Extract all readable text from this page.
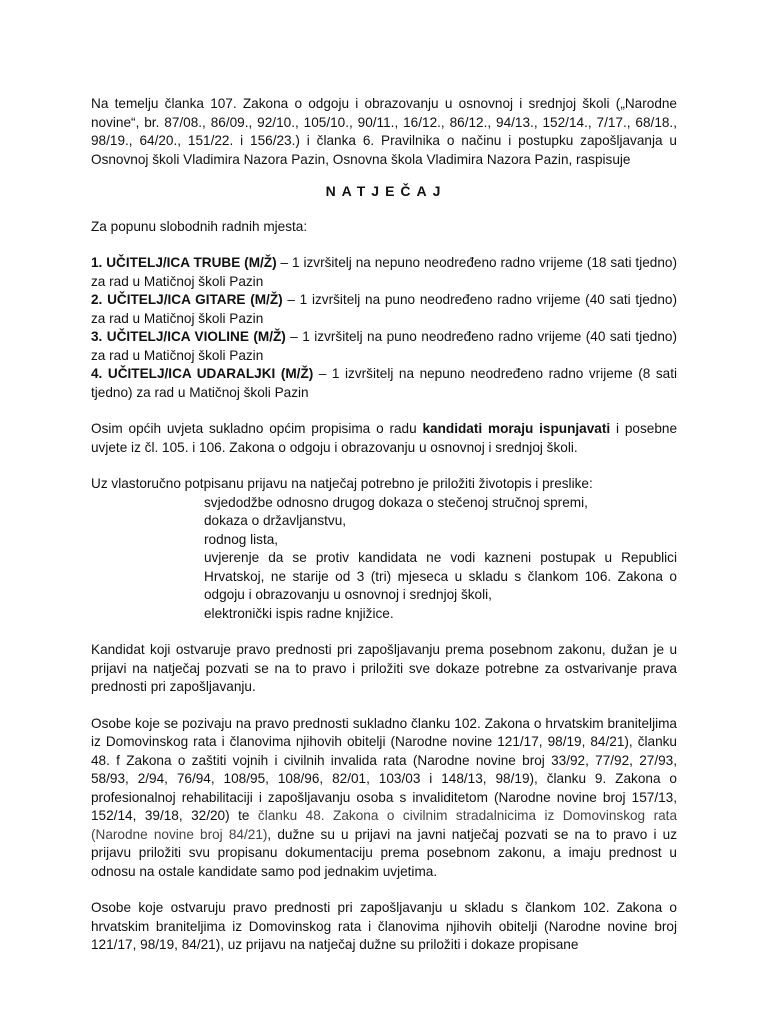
Na temelju članka 107. Zakona o odgoju i obrazovanju u osnovnoj i srednjoj školi („Narodne novine“, br. 87/08., 86/09., 92/10., 105/10., 90/11., 16/12., 86/12., 94/13., 152/14., 7/17., 68/18., 98/19., 64/20., 151/22. i 156/23.) i članka 6. Pravilnika o načinu i postupku zapošljavanja u Osnovnoj školi Vladimira Nazora Pazin, Osnovna škola Vladimira Nazora Pazin, raspisuje

NATJEČAJ

Za popunu slobodnih radnih mjesta:

1. UČITELJ/ICA TRUBE (M/Ž) – 1 izvršitelj na nepuno neodređeno radno vrijeme (18 sati tjedno) za rad u Matičnoj školi Pazin

2. UČITELJ/ICA GITARE (M/Ž) – 1 izvršitelj na puno neodređeno radno vrijeme (40 sati tjedno) za rad u Matičnoj školi Pazin

3. UČITELJ/ICA VIOLINE (M/Ž) – 1 izvršitelj na puno neodređeno radno vrijeme (40 sati tjedno) za rad u Matičnoj školi Pazin

4. UČITELJ/ICA UDARALJKI (M/Ž) – 1 izvršitelj na nepuno neodređeno radno vrijeme (8 sati tjedno) za rad u Matičnoj školi Pazin

Osim općih uvjeta sukladno općim propisima o radu kandidati moraju ispunjavati i posebne uvjete iz čl. 105. i 106. Zakona o odgoju i obrazovanju u osnovnoj i srednjoj školi.

Uz vlastoručno potpisanu prijavu na natječaj potrebno je priložiti životopis i preslike:

svjedodžbe odnosno drugog dokaza o stečenoj stručnoj spremi,
dokaza o državljanstvu,
rodnog lista,
uvjerenje da se protiv kandidata ne vodi kazneni postupak u Republici Hrvatskoj, ne starije od 3 (tri) mjeseca u skladu s člankom 106. Zakona o odgoju i obrazovanju u osnovnoj i srednjoj školi,
elektronički ispis radne knjižice.

Kandidat koji ostvaruje pravo prednosti pri zapošljavanju prema posebnom zakonu, dužan je u prijavi na natječaj pozvati se na to pravo i priložiti sve dokaze potrebne za ostvarivanje prava prednosti pri zapošljavanju.

Osobe koje se pozivaju na pravo prednosti sukladno članku 102. Zakona o hrvatskim braniteljima iz Domovinskog rata i članovima njihovih obitelji (Narodne novine 121/17, 98/19, 84/21), članku 48. f Zakona o zaštiti vojnih i civilnih invalida rata (Narodne novine broj 33/92, 77/92, 27/93, 58/93, 2/94, 76/94, 108/95, 108/96, 82/01, 103/03 i 148/13, 98/19), članku 9. Zakona o profesionalnoj rehabilitaciji i zapošljavanju osoba s invaliditetom (Narodne novine broj 157/13, 152/14, 39/18, 32/20) te članku 48. Zakona o civilnim stradalnicima iz Domovinskog rata (Narodne novine broj 84/21), dužne su u prijavi na javni natječaj pozvati se na to pravo i uz prijavu priložiti svu propisanu dokumentaciju prema posebnom zakonu, a imaju prednost u odnosu na ostale kandidate samo pod jednakim uvjetima.

Osobe koje ostvaruju pravo prednosti pri zapošljavanju u skladu s člankom 102. Zakona o hrvatskim braniteljima iz Domovinskog rata i članovima njihovih obitelji (Narodne novine broj 121/17, 98/19, 84/21), uz prijavu na natječaj dužne su priložiti i dokaze propisane
